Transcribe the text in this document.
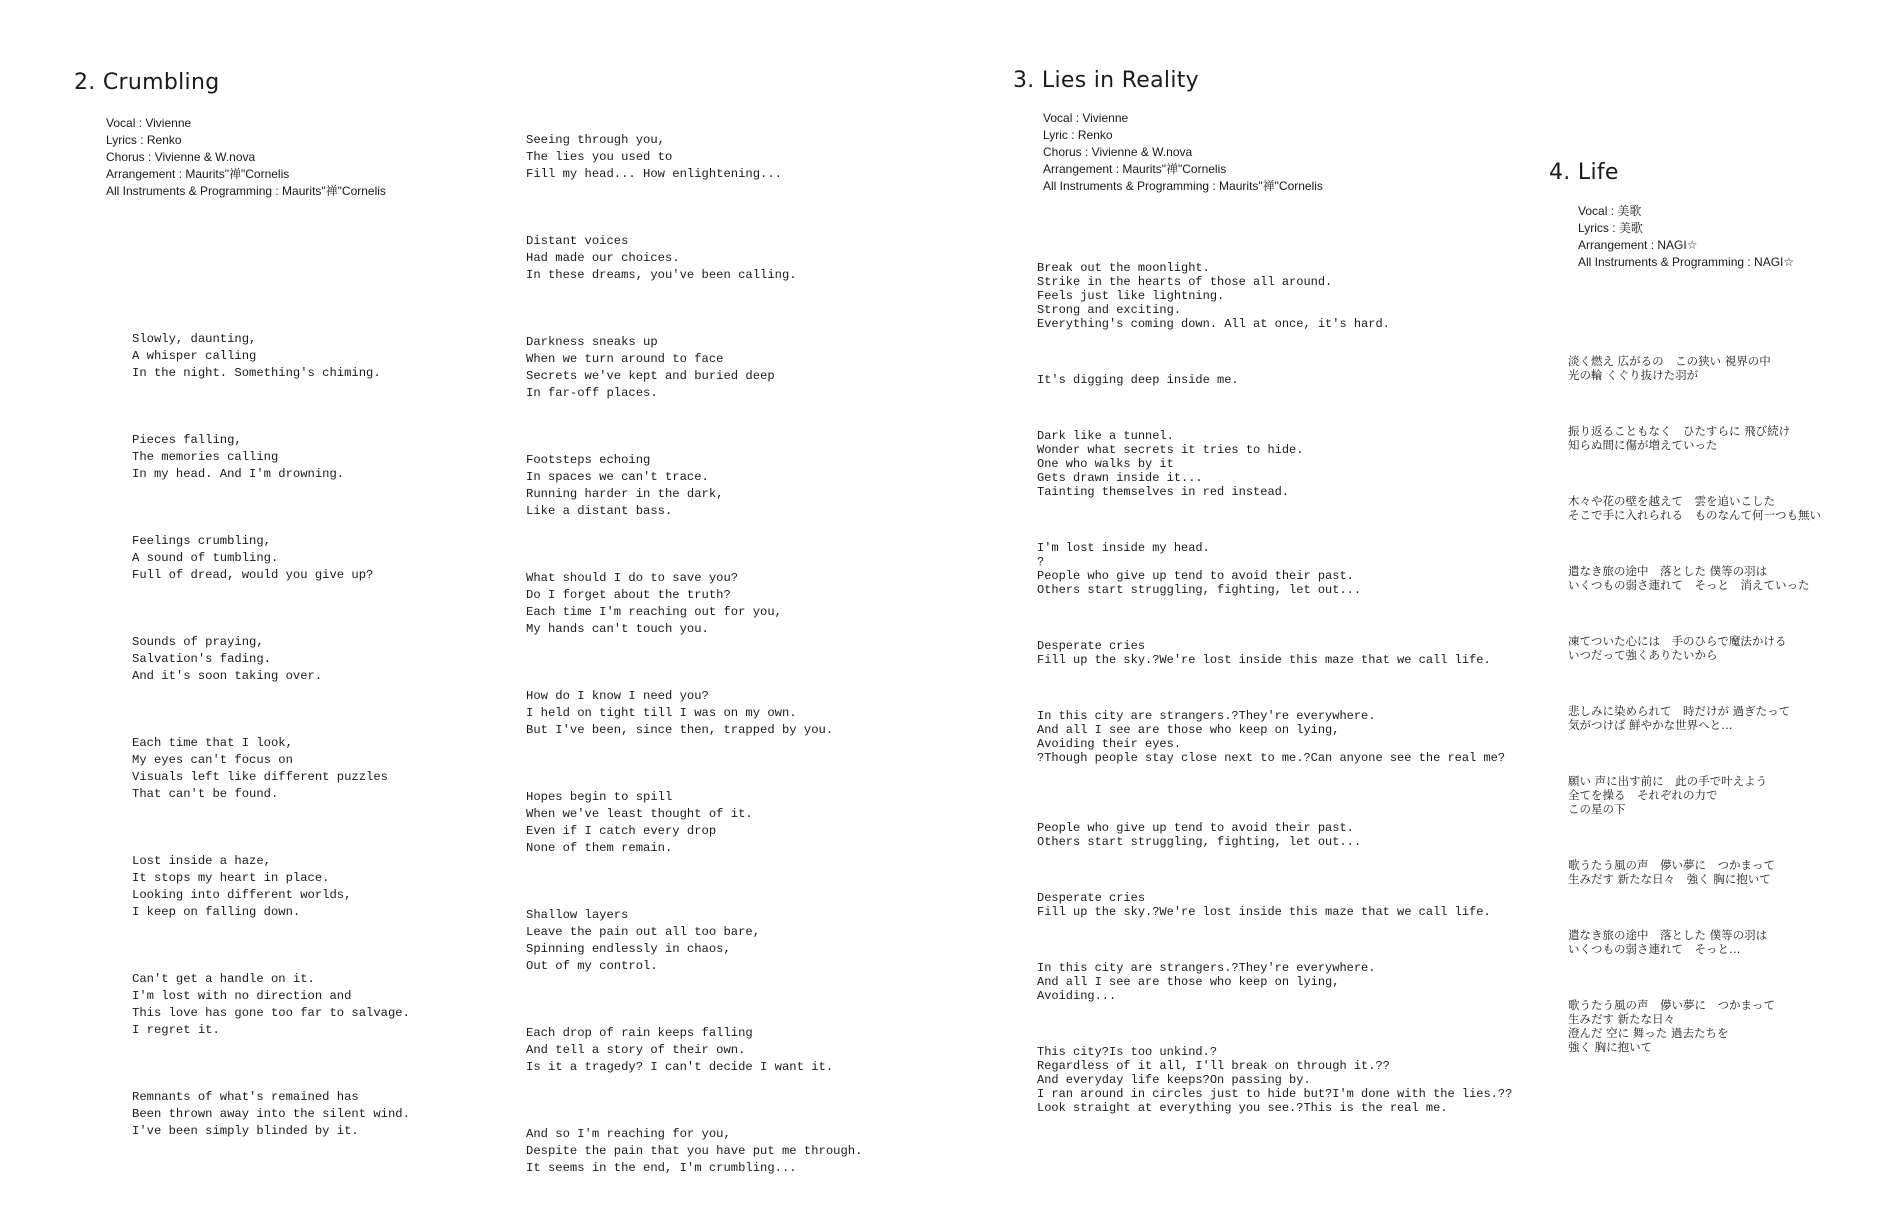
2. Crumbling
Vocal : Vivienne
Lyrics : Renko
Chorus : Vivienne & W.nova
Arrangement : Maurits"禅"Cornelis
All Instruments & Programming : Maurits"禅"Cornelis

Slowly, daunting,
A whisper calling
In the night. Something's chiming.

Pieces falling,
The memories calling
In my head. And I'm drowning.

Feelings crumbling,
A sound of tumbling.
Full of dread, would you give up?

Sounds of praying,
Salvation's fading.
And it's soon taking over.

Each time that I look,
My eyes can't focus on
Visuals left like different puzzles
That can't be found.

Lost inside a haze,
It stops my heart in place.
Looking into different worlds,
I keep on falling down.

Can't get a handle on it.
I'm lost with no direction and
This love has gone too far to salvage.
I regret it.

Remnants of what's remained has
Been thrown away into the silent wind.
I've been simply blinded by it.

Seeing through you,
The lies you used to
Fill my head... How enlightening...

Distant voices
Had made our choices.
In these dreams, you've been calling.

Darkness sneaks up
When we turn around to face
Secrets we've kept and buried deep
In far-off places.

Footsteps echoing
In spaces we can't trace.
Running harder in the dark,
Like a distant bass.

What should I do to save you?
Do I forget about the truth?
Each time I'm reaching out for you,
My hands can't touch you.

How do I know I need you?
I held on tight till I was on my own.
But I've been, since then, trapped by you.

Hopes begin to spill
When we've least thought of it.
Even if I catch every drop
None of them remain.

Shallow layers
Leave the pain out all too bare,
Spinning endlessly in chaos,
Out of my control.

Each drop of rain keeps falling
And tell a story of their own.
Is it a tragedy? I can't decide I want it.

And so I'm reaching for you,
Despite the pain that you have put me through.
It seems in the end, I'm crumbling...

3. Lies in Reality
Vocal : Vivienne
Lyric : Renko
Chorus : Vivienne & W.nova
Arrangement : Maurits"禅"Cornelis
All Instruments & Programming : Maurits"禅"Cornelis

Break out the moonlight.
Strike in the hearts of those all around.
Feels just like lightning.
Strong and exciting.
Everything's coming down. All at once, it's hard.

It's digging deep inside me.

Dark like a tunnel.
Wonder what secrets it tries to hide.
One who walks by it
Gets drawn inside it...
Tainting themselves in red instead.

I'm lost inside my head.
?
People who give up tend to avoid their past.
Others start struggling, fighting, let out...

Desperate cries
Fill up the sky.?We're lost inside this maze that we call life.

In this city are strangers.?They're everywhere.
And all I see are those who keep on lying,
Avoiding their eyes.
?Though people stay close next to me.?Can anyone see the real me?

People who give up tend to avoid their past.
Others start struggling, fighting, let out...

Desperate cries
Fill up the sky.?We're lost inside this maze that we call life.

In this city are strangers.?They're everywhere.
And all I see are those who keep on lying,
Avoiding...

This city?Is too unkind.?
Regardless of it all, I'll break on through it.??
And everyday life keeps?On passing by.
I ran around in circles just to hide but?I'm done with the lies.??
Look straight at everything you see.?This is the real me.

4. Life
Vocal : 美歌
Lyrics : 美歌
Arrangement : NAGI☆
All Instruments & Programming : NAGI☆

淡く燃え 広がるの　この狭い 視界の中
光の輪 くぐり抜けた羽が

振り返ることもなく　ひたすらに 飛び続け
知らぬ間に傷が増えていった

木々や花の壁を越えて　雲を追いこした
そこで手に入れられる　ものなんて何一つも無い

遣なき旅の途中　落とした 僕等の羽は
いくつもの弱さ連れて　そっと　消えていった

凍てついた心には　手のひらで魔法かける
いつだって強くありたいから

悲しみに染められて　時だけが 過ぎたって
気がつけば 鮮やかな世界へと…

願い 声に出す前に　此の手で叶えよう
全てを操る　それぞれの力で
この星の下

歌うたう風の声　儚い夢に　つかまって
生みだす 新たな日々　強く 胸に抱いて

遣なき旅の途中　落とした 僕等の羽は
いくつもの弱さ連れて　そっと…

歌うたう風の声　儚い夢に　つかまって
生みだす 新たな日々
澄んだ 空に 舞った 過去たちを
強く 胸に抱いて
